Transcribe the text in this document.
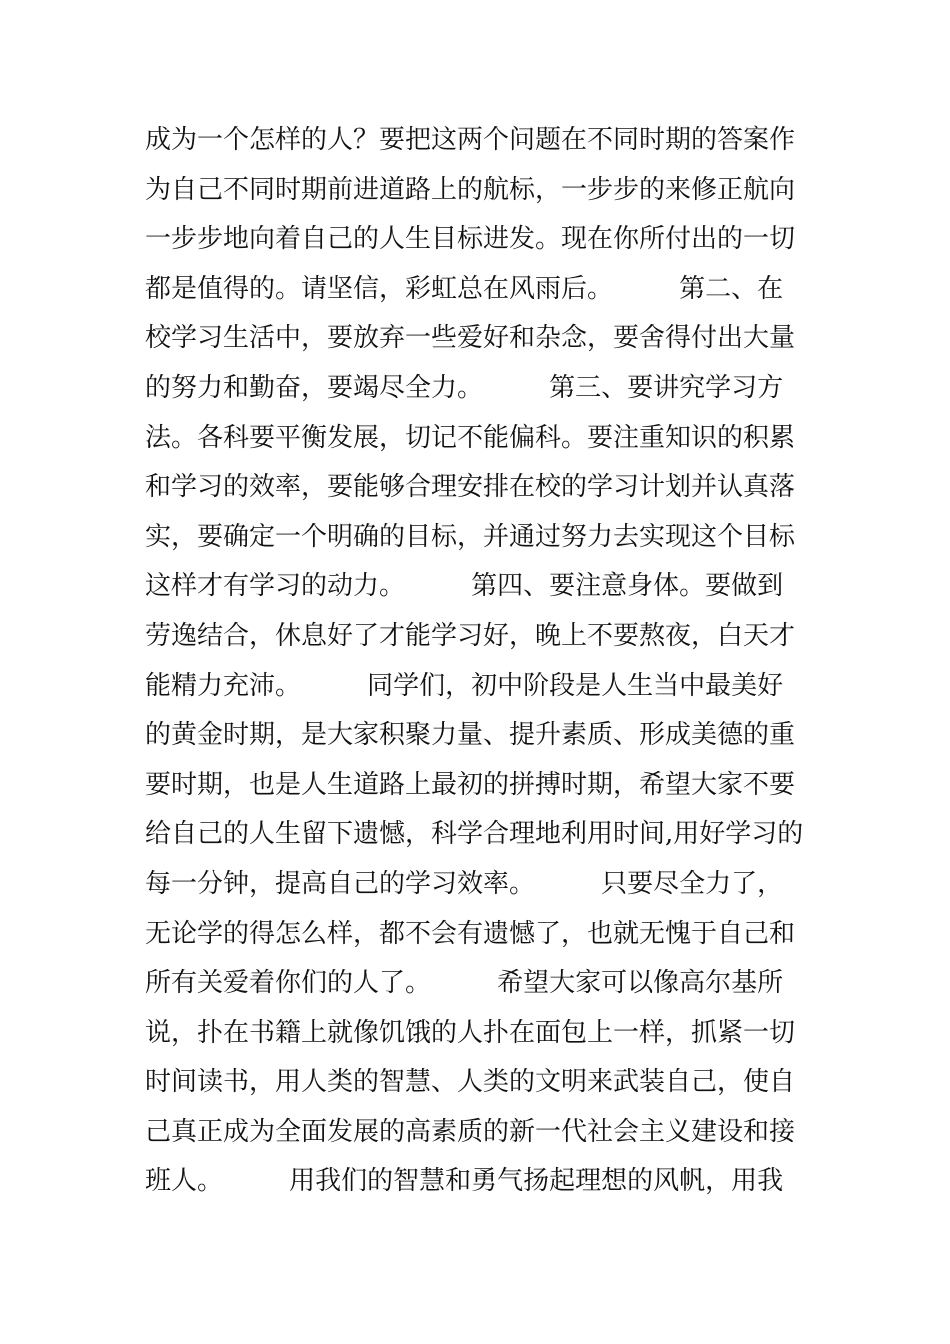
成为一个怎样的人？要把这两个问题在不同时期的答案作
为自己不同时期前进道路上的航标，一步步的来修正航向
一步步地向着自己的人生目标进发。现在你所付出的一切
都是值得的。请坚信，彩虹总在风雨后。        第二、在
校学习生活中，要放弃一些爱好和杂念，要舍得付出大量
的努力和勤奋，要竭尽全力。        第三、要讲究学习方
法。各科要平衡发展，切记不能偏科。要注重知识的积累
和学习的效率，要能够合理安排在校的学习计划并认真落
实，要确定一个明确的目标，并通过努力去实现这个目标
这样才有学习的动力。        第四、要注意身体。要做到
劳逸结合，休息好了才能学习好，晚上不要熬夜，白天才
能精力充沛。        同学们，初中阶段是人生当中最美好
的黄金时期，是大家积聚力量、提升素质、形成美德的重
要时期，也是人生道路上最初的拼搏时期，希望大家不要
给自己的人生留下遗憾，科学合理地利用时间,用好学习的
每一分钟，提高自己的学习效率。        只要尽全力了，
无论学的得怎么样，都不会有遗憾了，也就无愧于自己和
所有关爱着你们的人了。        希望大家可以像高尔基所
说，扑在书籍上就像饥饿的人扑在面包上一样，抓紧一切
时间读书，用人类的智慧、人类的文明来武装自己，使自
己真正成为全面发展的高素质的新一代社会主义建设和接
班人。        用我们的智慧和勇气扬起理想的风帆，用我
